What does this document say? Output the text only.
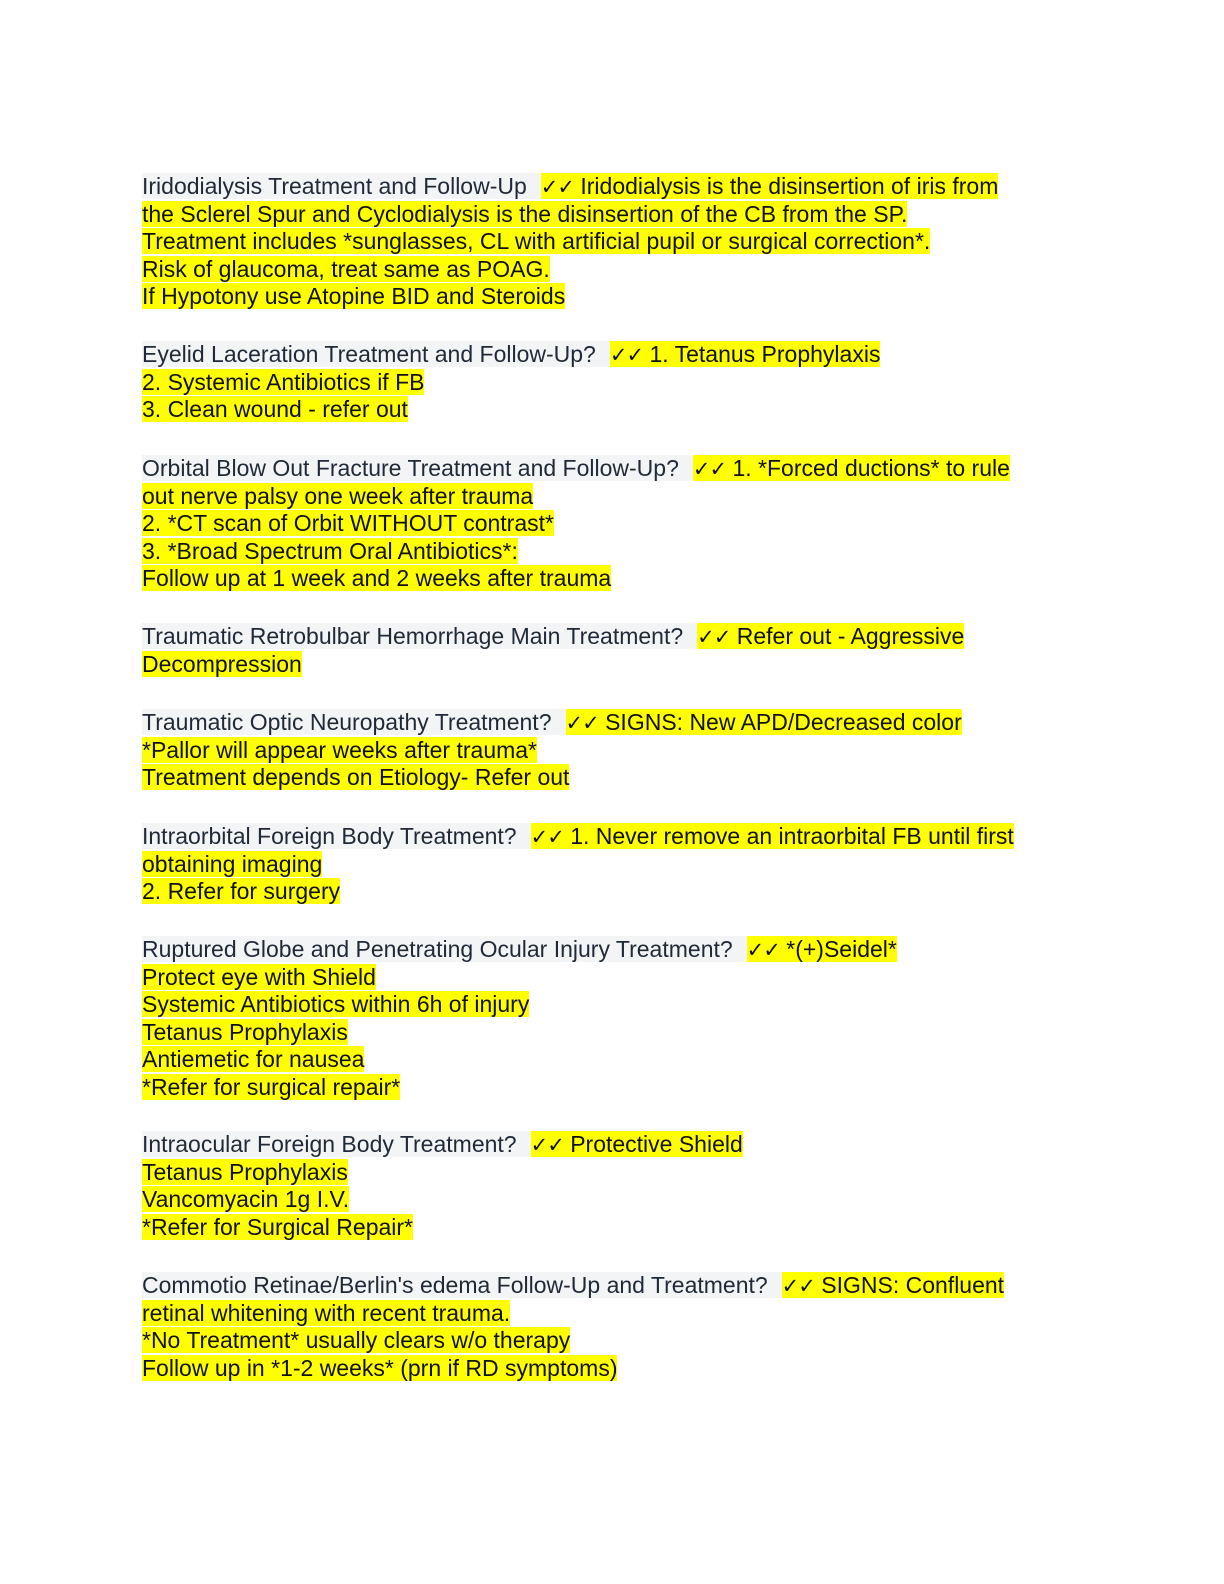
Iridodialysis Treatment and Follow-Up ✓✓ Iridodialysis is the disinsertion of iris from
the Sclerel Spur and Cyclodialysis is the disinsertion of the CB from the SP.
Treatment includes *sunglasses, CL with artificial pupil or surgical correction*.
Risk of glaucoma, treat same as POAG.
If Hypotony use Atopine BID and Steroids
Eyelid Laceration Treatment and Follow-Up? ✓✓ 1. Tetanus Prophylaxis
2. Systemic Antibiotics if FB
3. Clean wound - refer out
Orbital Blow Out Fracture Treatment and Follow-Up? ✓✓ 1. *Forced ductions* to rule
out nerve palsy one week after trauma
2. *CT scan of Orbit WITHOUT contrast*
3. *Broad Spectrum Oral Antibiotics*:
Follow up at 1 week and 2 weeks after trauma
Traumatic Retrobulbar Hemorrhage Main Treatment? ✓✓ Refer out - Aggressive
Decompression
Traumatic Optic Neuropathy Treatment? ✓✓ SIGNS: New APD/Decreased color
*Pallor will appear weeks after trauma*
Treatment depends on Etiology- Refer out
Intraorbital Foreign Body Treatment? ✓✓ 1. Never remove an intraorbital FB until first
obtaining imaging
2. Refer for surgery
Ruptured Globe and Penetrating Ocular Injury Treatment? ✓✓ *(+)Seidel*
Protect eye with Shield
Systemic Antibiotics within 6h of injury
Tetanus Prophylaxis
Antiemetic for nausea
*Refer for surgical repair*
Intraocular Foreign Body Treatment? ✓✓ Protective Shield
Tetanus Prophylaxis
Vancomyacin 1g I.V.
*Refer for Surgical Repair*
Commotio Retinae/Berlin's edema Follow-Up and Treatment? ✓✓ SIGNS: Confluent
retinal whitening with recent trauma.
*No Treatment* usually clears w/o therapy
Follow up in *1-2 weeks* (prn if RD symptoms)
